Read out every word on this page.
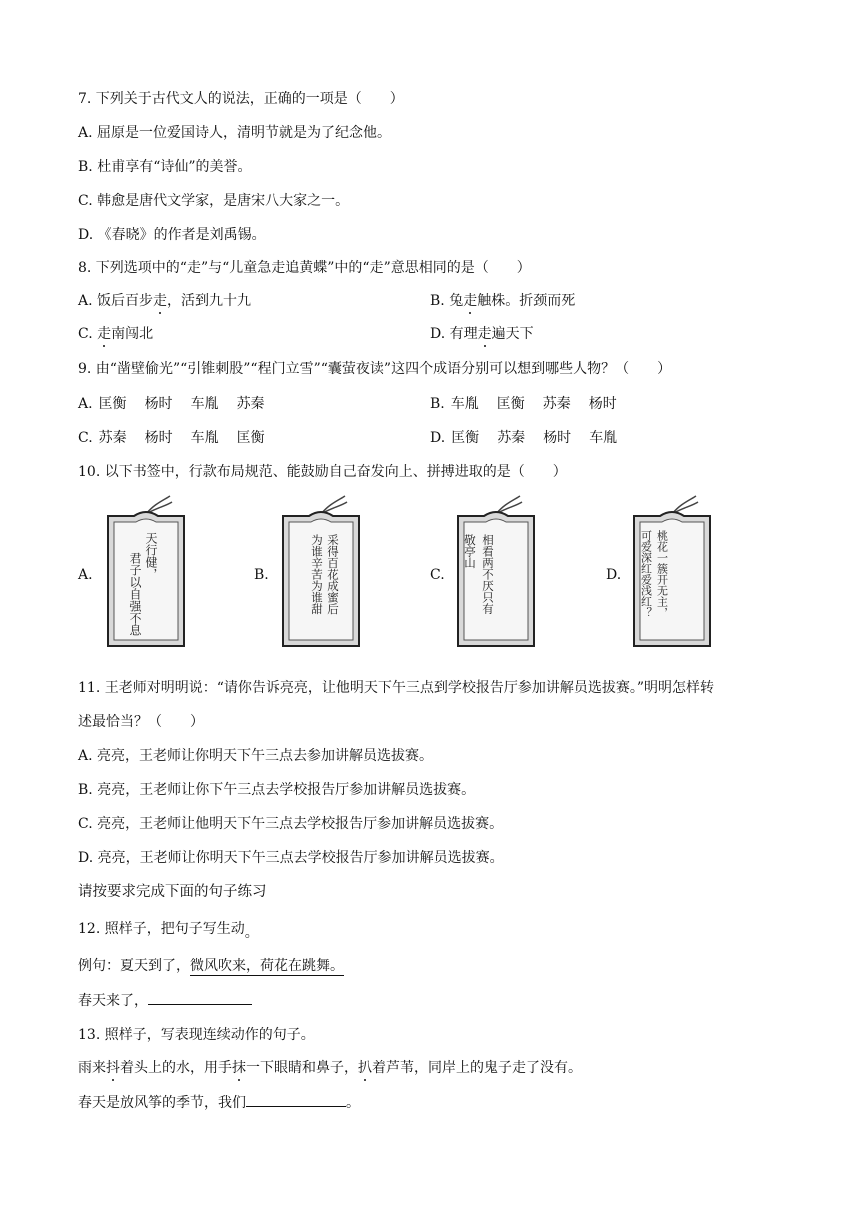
7. 下列关于古代文人的说法，正确的一项是（　　）
A. 屈原是一位爱国诗人，清明节就是为了纪念他。
B. 杜甫享有“诗仙”的美誉。
C. 韩愈是唐代文学家，是唐宋八大家之一。
D. 《春晓》的作者是刘禹锡。
8. 下列选项中的“走”与“儿童急走追黄蝶”中的“走”意思相同的是（　　）
A. 饭后百步走，活到九十九	B. 兔走触株。折颈而死
C. 走南闯北	D. 有理走遍天下
9. 由“凿壁偷光”“引锥刺股”“程门立雪”“囊萤夜读”这四个成语分别可以想到哪些人物？（　　）
A. 匡衡 杨时 车胤 苏秦	B. 车胤 匡衡 苏秦 杨时
C. 苏秦 杨时 车胤 匡衡	D. 匡衡 苏秦 杨时 车胤
10. 以下书签中，行款布局规范、能鼓励自己奋发向上、拼搏进取的是（　　）
A.	B.	C.	D.
天行健，
君子以自强不息	采得百花成蜜后
为谁辛苦为谁甜	相看两不厌只有
敬亭山	桃花一簇开无主，
可爱深红爱浅红？
11. 王老师对明明说：“请你告诉亮亮，让他明天下午三点到学校报告厅参加讲解员选拔赛。”明明怎样转
述最恰当？（　　）
A. 亮亮，王老师让你明天下午三点去参加讲解员选拔赛。
B. 亮亮，王老师让你下午三点去学校报告厅参加讲解员选拔赛。
C. 亮亮，王老师让他明天下午三点去学校报告厅参加讲解员选拔赛。
D. 亮亮，王老师让你明天下午三点去学校报告厅参加讲解员选拔赛。
请按要求完成下面的句子练习
12. 照样子，把句子写生动。
例句：夏天到了，微风吹来，荷花在跳舞。
春天来了，
13. 照样子，写表现连续动作的句子。
雨来抖着头上的水，用手抹一下眼睛和鼻子，扒着芦苇，同岸上的鬼子走了没有。
春天是放风筝的季节，我们	。
